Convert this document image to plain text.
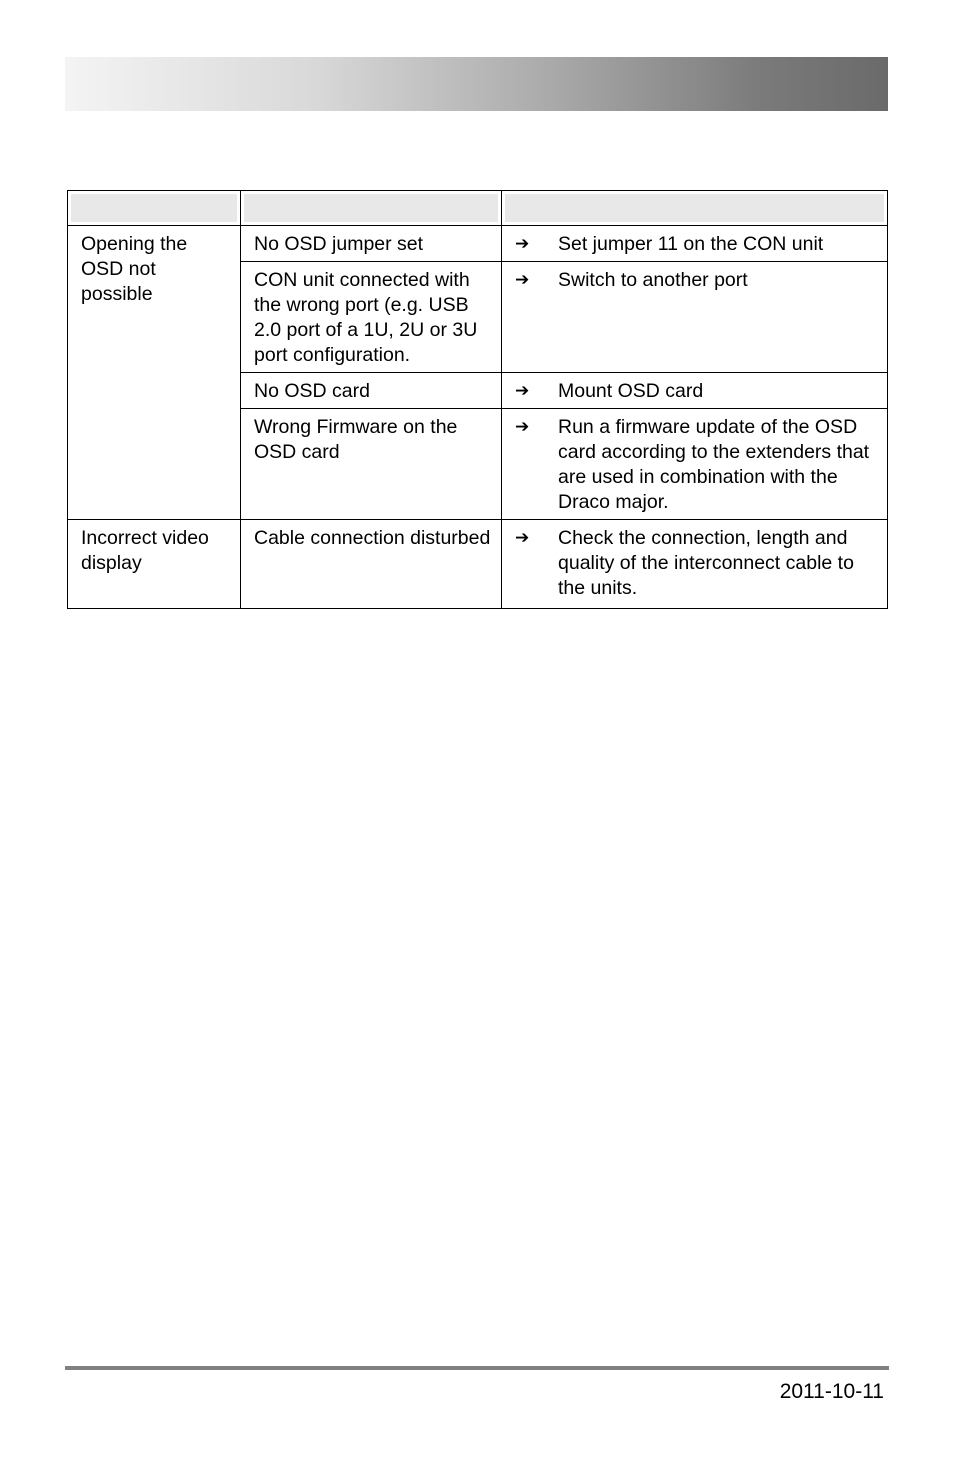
Opening the OSD not possible	No OSD jumper set	➔ Set jumper 11 on the CON unit

	CON unit connected with the wrong port (e.g. USB 2.0 port of a 1U, 2U or 3U port configuration.	➔ Switch to another port

	No OSD card	➔ Mount OSD card

	Wrong Firmware on the OSD card	➔ Run a firmware update of the OSD card according to the extenders that are used in combination with the Draco major.

Incorrect video display	Cable connection disturbed	➔ Check the connection, length and quality of the interconnect cable to the units.
2011-10-11
